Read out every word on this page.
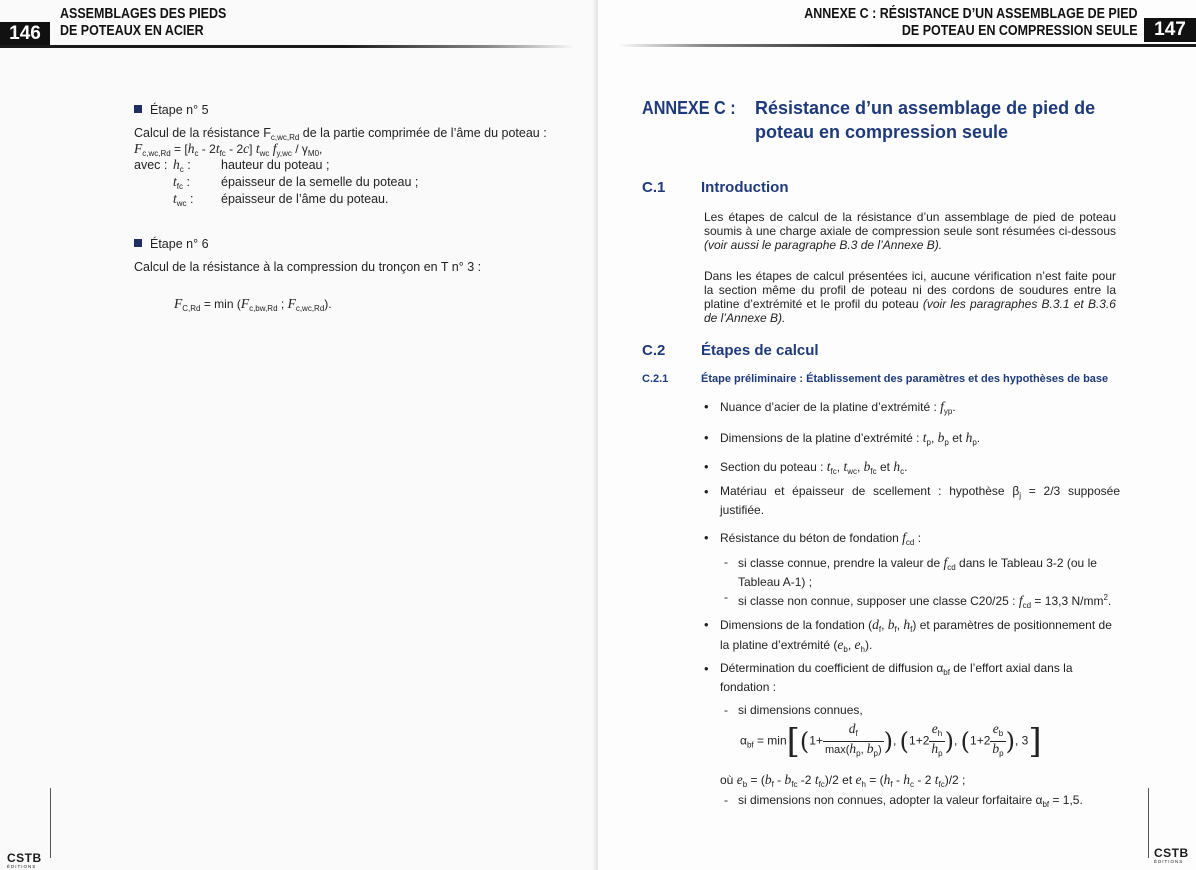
146
ASSEMBLAGES DES PIEDS
DE POTEAUX EN ACIER
Étape n° 5
Calcul de la résistance $F_{c,wc,Rd}$ de la partie comprimée de l’âme du poteau :
$F_{c,wc,Rd} = [h_c - 2t_{fc} - 2c]$ $t_{wc}$ $f_{y,wc} / \gamma_{M0}$,
avec : $h_c$ : hauteur du poteau ;
$t_{fc}$ : épaisseur de la semelle du poteau ;
$t_{wc}$ : épaisseur de l’âme du poteau.
Étape n° 6
Calcul de la résistance à la compression du tronçon en T n° 3 :
$F_{C,Rd} = \min (F_{c,bw,Rd}$ ; $F_{c,wc,Rd}$).
CSTB
ÉDITIONS
ANNEXE C : RÉSISTANCE D’UN ASSEMBLAGE DE PIED
DE POTEAU EN COMPRESSION SEULE 147
ANNEXE C : Résistance d’un assemblage de pied de
poteau en compression seule
C.1 Introduction
Les étapes de calcul de la résistance d’un assemblage de pied de poteau soumis à une charge axiale de compression seule sont résumées ci-dessous (voir aussi le paragraphe B.3 de l’Annexe B).
Dans les étapes de calcul présentées ici, aucune vérification n’est faite pour la section même du profil de poteau ni des cordons de soudures entre la platine d’extrémité et le profil du poteau (voir les paragraphes B.3.1 et B.3.6 de l’Annexe B).
C.2 Étapes de calcul
C.2.1	Étape préliminaire : Établissement des paramètres et des hypothèses de base
• Nuance d’acier de la platine d’extrémité : $f_{yp}$.
• Dimensions de la platine d’extrémité : $t_p$, $b_p$ et $h_p$.
• Section du poteau : $t_{fc}$, $t_{wc}$, $b_{fc}$ et $h_c$.
• Matériau et épaisseur de scellement : hypothèse $\beta_j = 2/3$ supposée justifiée.
• Résistance du béton de fondation $f_{cd}$ :
- si classe connue, prendre la valeur de $f_{cd}$ dans le Tableau 3-2 (ou le Tableau A-1) ;
- si classe non connue, supposer une classe C20/25 : $f_{cd} = 13,3$ $N/mm^2$.
• Dimensions de la fondation ($d_f$, $b_f$, $h_f$) et paramètres de positionnement de la platine d’extrémité ($e_b$, $e_h$).
• Détermination du coefficient de diffusion $\alpha_{bf}$ de l’effort axial dans la fondation :
- si dimensions connues,
$\alpha_{bf} = \min[(1+ \frac{d_f}{\max(h_p, b_p)}$ ), ($1+2 \frac{e_h}{h_p}$ ), ($1+2 \frac{e_b}{b_p}$ ), 3]
où $e_b = (b_f - b_{fc}$ -2 $t_{fc})/2$ et $e_h = (h_f - h_c - 2$ $t_{fc})/2$ ;
- si dimensions non connues, adopter la valeur forfaitaire $\alpha_{bf} = 1,5$.
CSTB
ÉDITIONS
